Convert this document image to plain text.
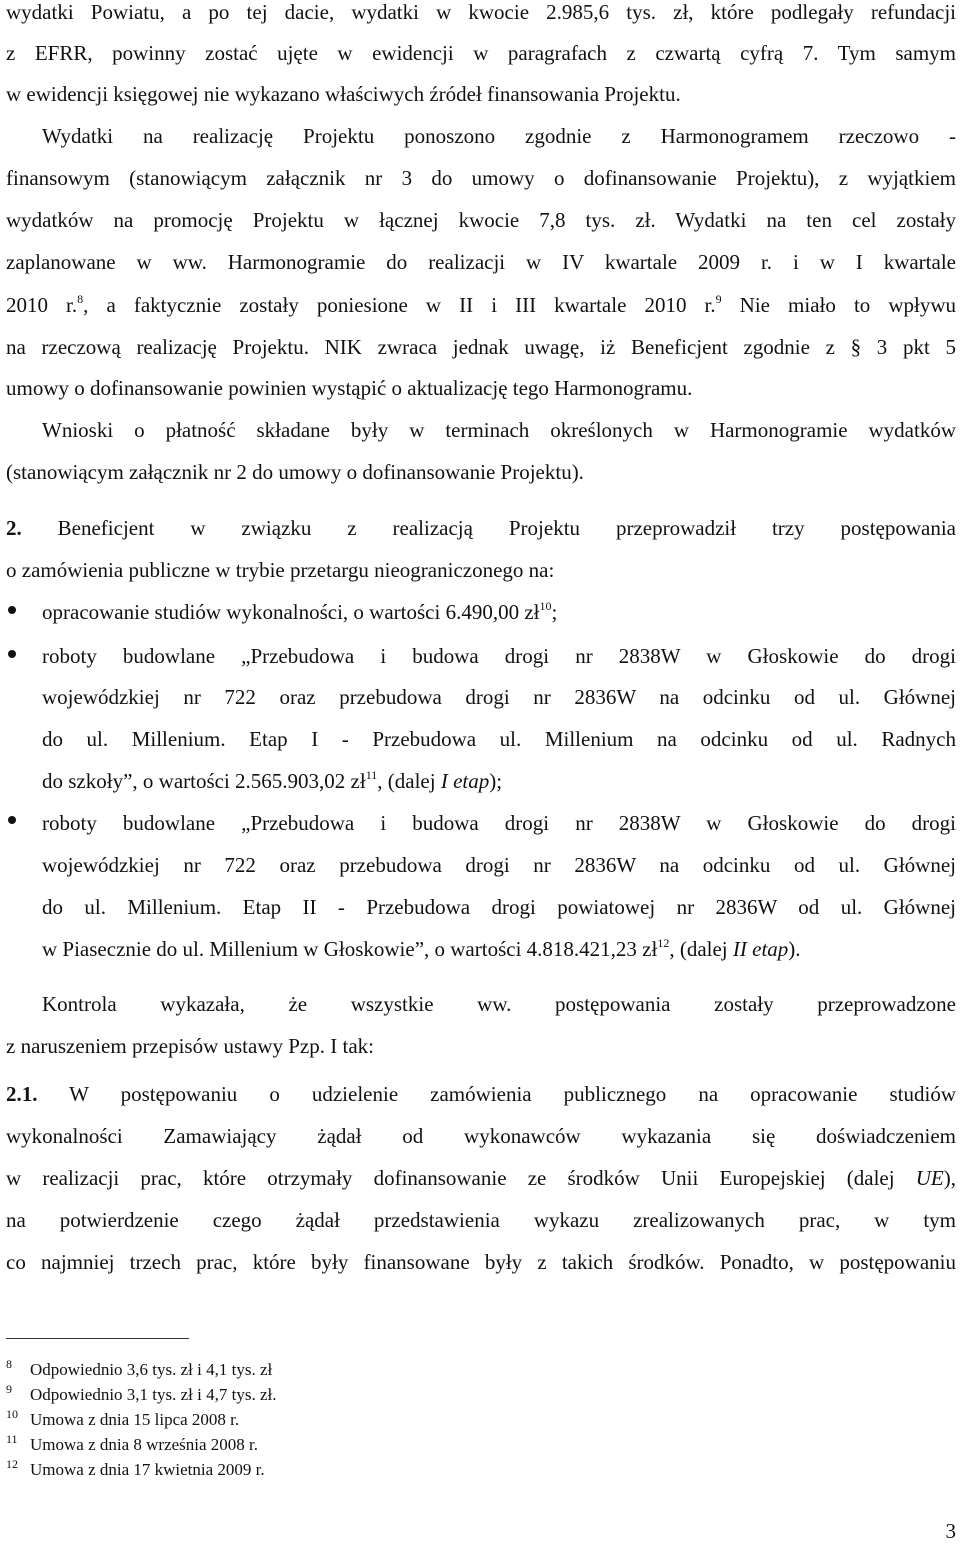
wydatki Powiatu, a po tej dacie, wydatki w kwocie 2.985,6 tys. zł, które podlegały refundacji
z EFRR, powinny zostać ujęte w ewidencji w paragrafach z czwartą cyfrą 7. Tym samym
w ewidencji księgowej nie wykazano właściwych źródeł finansowania Projektu.
Wydatki na realizację Projektu ponoszono zgodnie z Harmonogramem rzeczowo -
finansowym (stanowiącym załącznik nr 3 do umowy o dofinansowanie Projektu), z wyjątkiem
wydatków na promocję Projektu w łącznej kwocie 7,8 tys. zł. Wydatki na ten cel zostały
zaplanowane w ww. Harmonogramie do realizacji w IV kwartale 2009 r. i w I kwartale
2010 r.$^8$, a faktycznie zostały poniesione w II i III kwartale 2010 r.$^9$ Nie miało to wpływu
na rzeczową realizację Projektu. NIK zwraca jednak uwagę, iż Beneficjent zgodnie z § 3 pkt 5
umowy o dofinansowanie powinien wystąpić o aktualizację tego Harmonogramu.
Wnioski o płatność składane były w terminach określonych w Harmonogramie wydatków
(stanowiącym załącznik nr 2 do umowy o dofinansowanie Projektu).
2. Beneficjent w związku z realizacją Projektu przeprowadził trzy postępowania
o zamówienia publiczne w trybie przetargu nieograniczonego na:
opracowanie studiów wykonalności, o wartości 6.490,00 $zł^{10}$;
roboty budowlane „Przebudowa i budowa drogi nr 2838W w Głoskowie do drogi
wojewódzkiej nr 722 oraz przebudowa drogi nr 2836W na odcinku od ul. Głównej
do ul. Millenium. Etap I - Przebudowa ul. Millenium na odcinku od ul. Radnych
do szkoły”, o wartości 2.565.903,02 $zł^{11}$, (dalej I etap);
roboty budowlane „Przebudowa i budowa drogi nr 2838W w Głoskowie do drogi
wojewódzkiej nr 722 oraz przebudowa drogi nr 2836W na odcinku od ul. Głównej
do ul. Millenium. Etap II - Przebudowa drogi powiatowej nr 2836W od ul. Głównej
w Piasecznie do ul. Millenium w Głoskowie”, o wartości 4.818.421,23 $zł^{12}$, (dalej II etap).
Kontrola wykazała, że wszystkie ww. postępowania zostały przeprowadzone
z naruszeniem przepisów ustawy Pzp. I tak:
2.1. W postępowaniu o udzielenie zamówienia publicznego na opracowanie studiów
wykonalności Zamawiający żądał od wykonawców wykazania się doświadczeniem
w realizacji prac, które otrzymały dofinansowanie ze środków Unii Europejskiej (dalej UE),
na potwierdzenie czego żądał przedstawienia wykazu zrealizowanych prac, w tym
co najmniej trzech prac, które były finansowane były z takich środków. Ponadto, w postępowaniu
8 Odpowiednio 3,6 tys. zł i 4,1 tys. zł
9 Odpowiednio 3,1 tys. zł i 4,7 tys. zł.
10 Umowa z dnia 15 lipca 2008 r.
11 Umowa z dnia 8 września 2008 r.
12 Umowa z dnia 17 kwietnia 2009 r.
3
